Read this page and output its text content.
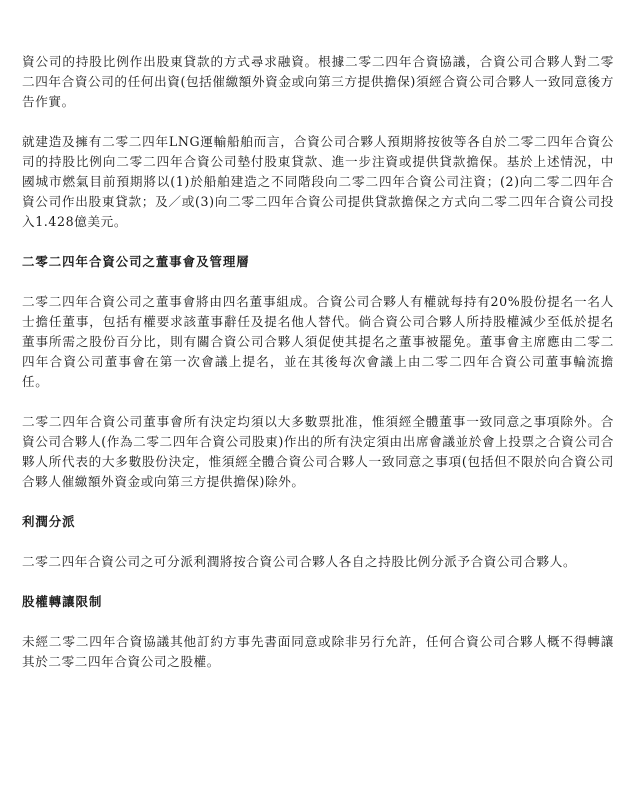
資公司的持股比例作出股東貸款的方式尋求融資。根據二零二四年合資協議，合資公司合夥人對二零二四年合資公司的任何出資(包括催繳額外資金或向第三方提供擔保)須經合資公司合夥人一致同意後方告作實。

就建造及擁有二零二四年LNG運輸船舶而言，合資公司合夥人預期將按彼等各自於二零二四年合資公司的持股比例向二零二四年合資公司墊付股東貸款、進一步注資或提供貸款擔保。基於上述情況，中國城市燃氣目前預期將以(1)於船舶建造之不同階段向二零二四年合資公司注資；(2)向二零二四年合資公司作出股東貸款；及／或(3)向二零二四年合資公司提供貸款擔保之方式向二零二四年合資公司投入1.428億美元。

二零二四年合資公司之董事會及管理層

二零二四年合資公司之董事會將由四名董事組成。合資公司合夥人有權就每持有20%股份提名一名人士擔任董事，包括有權要求該董事辭任及提名他人替代。倘合資公司合夥人所持股權減少至低於提名董事所需之股份百分比，則有關合資公司合夥人須促使其提名之董事被罷免。董事會主席應由二零二四年合資公司董事會在第一次會議上提名，並在其後每次會議上由二零二四年合資公司董事輪流擔任。

二零二四年合資公司董事會所有決定均須以大多數票批准，惟須經全體董事一致同意之事項除外。合資公司合夥人(作為二零二四年合資公司股東)作出的所有決定須由出席會議並於會上投票之合資公司合夥人所代表的大多數股份決定，惟須經全體合資公司合夥人一致同意之事項(包括但不限於向合資公司合夥人催繳額外資金或向第三方提供擔保)除外。

利潤分派

二零二四年合資公司之可分派利潤將按合資公司合夥人各自之持股比例分派予合資公司合夥人。

股權轉讓限制

未經二零二四年合資協議其他訂約方事先書面同意或除非另行允許，任何合資公司合夥人概不得轉讓其於二零二四年合資公司之股權。
